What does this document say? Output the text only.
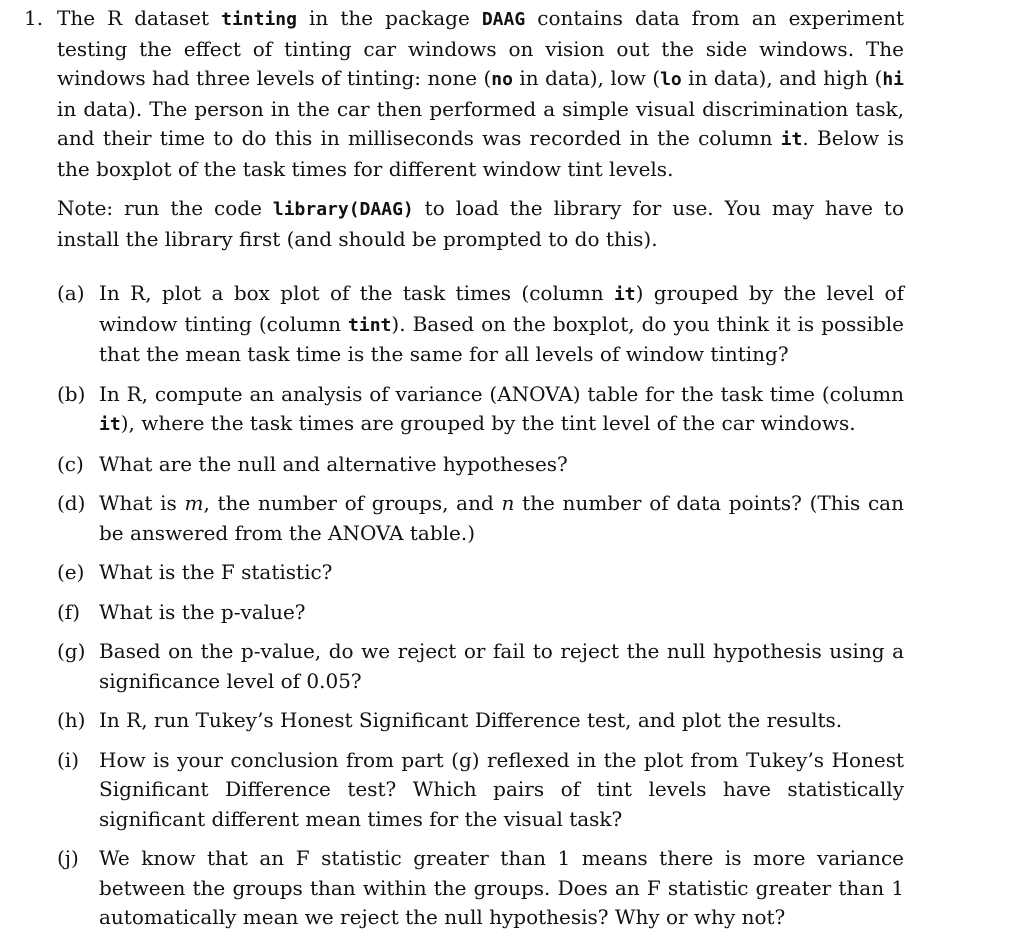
1. The R dataset tinting in the package DAAG contains data from an experiment testing the effect of tinting car windows on vision out the side windows. The windows had three levels of tinting: none (no in data), low (lo in data), and high (hi in data). The person in the car then performed a simple visual discrimination task, and their time to do this in milliseconds was recorded in the column it. Below is the boxplot of the task times for different window tint levels.

Note: run the code library(DAAG) to load the library for use. You may have to install the library first (and should be prompted to do this).

(a) In R, plot a box plot of the task times (column it) grouped by the level of window tinting (column tint). Based on the boxplot, do you think it is possible that the mean task time is the same for all levels of window tinting?
(b) In R, compute an analysis of variance (ANOVA) table for the task time (column it), where the task times are grouped by the tint level of the car windows.
(c) What are the null and alternative hypotheses?
(d) What is m, the number of groups, and n the number of data points? (This can be answered from the ANOVA table.)
(e) What is the F statistic?
(f) What is the p-value?
(g) Based on the p-value, do we reject or fail to reject the null hypothesis using a significance level of 0.05?
(h) In R, run Tukey’s Honest Significant Difference test, and plot the results.
(i) How is your conclusion from part (g) reflexed in the plot from Tukey’s Honest Significant Difference test? Which pairs of tint levels have statistically significant different mean times for the visual task?
(j) We know that an F statistic greater than 1 means there is more variance between the groups than within the groups. Does an F statistic greater than 1 automatically mean we reject the null hypothesis? Why or why not?
